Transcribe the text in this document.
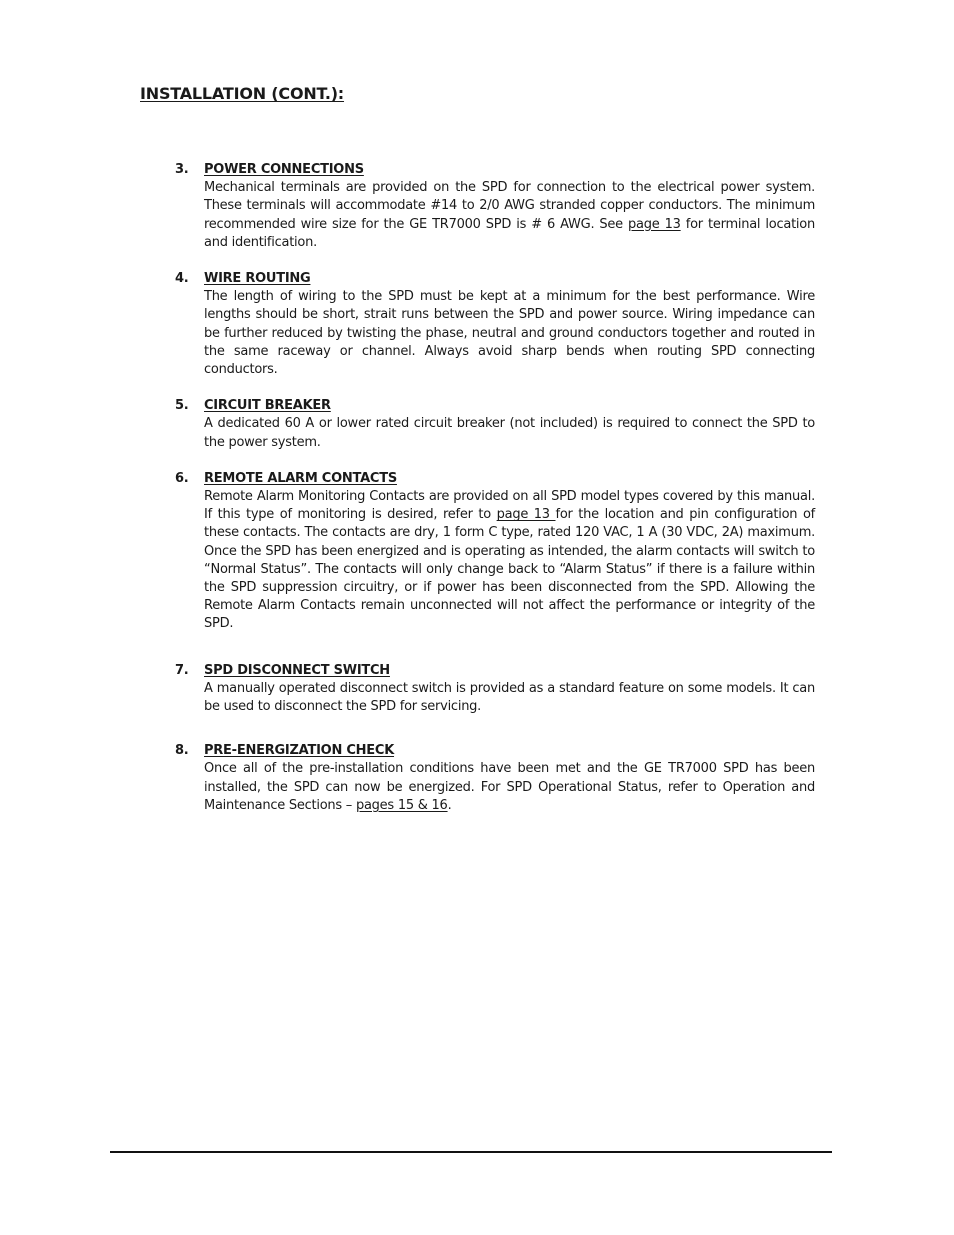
INSTALLATION (CONT.):
3. POWER CONNECTIONS
Mechanical terminals are provided on the SPD for connection to the electrical power system. These terminals will accommodate #14 to 2/0 AWG stranded copper conductors. The minimum recommended wire size for the GE TR7000 SPD is # 6 AWG. See page 13 for terminal location and identification.
4. WIRE ROUTING
The length of wiring to the SPD must be kept at a minimum for the best performance. Wire lengths should be short, strait runs between the SPD and power source. Wiring impedance can be further reduced by twisting the phase, neutral and ground conductors together and routed in the same raceway or channel. Always avoid sharp bends when routing SPD connecting conductors.
5. CIRCUIT BREAKER
A dedicated 60 A or lower rated circuit breaker (not included) is required to connect the SPD to the power system.
6. REMOTE ALARM CONTACTS
Remote Alarm Monitoring Contacts are provided on all SPD model types covered by this manual. If this type of monitoring is desired, refer to page 13 for the location and pin configuration of these contacts. The contacts are dry, 1 form C type, rated 120 VAC, 1 A (30 VDC, 2A) maximum. Once the SPD has been energized and is operating as intended, the alarm contacts will switch to “Normal Status”. The contacts will only change back to “Alarm Status” if there is a failure within the SPD suppression circuitry, or if power has been disconnected from the SPD. Allowing the Remote Alarm Contacts remain unconnected will not affect the performance or integrity of the SPD.
7. SPD DISCONNECT SWITCH
A manually operated disconnect switch is provided as a standard feature on some models. It can be used to disconnect the SPD for servicing.
8. PRE-ENERGIZATION CHECK
Once all of the pre-installation conditions have been met and the GE TR7000 SPD has been installed, the SPD can now be energized. For SPD Operational Status, refer to Operation and Maintenance Sections – pages 15 & 16.
